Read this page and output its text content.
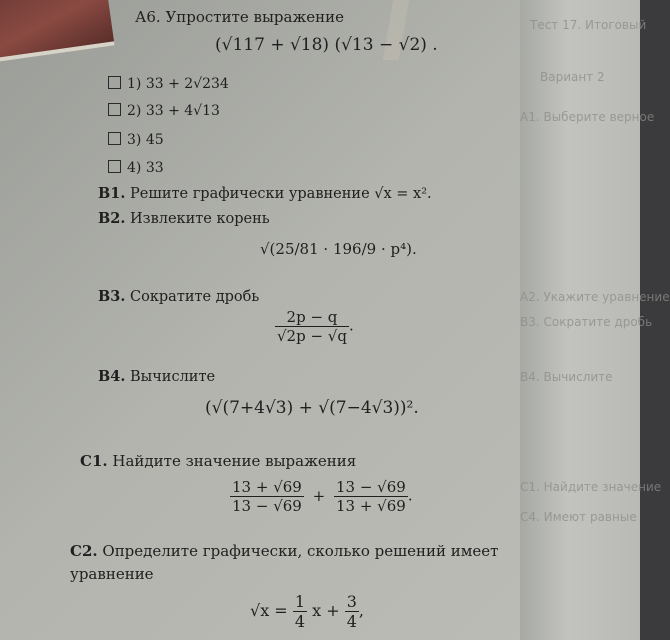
Тест 17. Итоговый
Вариант 2
А1. Выберите верное
А2. Укажите уравнение
В3. Сократите дробь
В4. Вычислите
С1. Найдите значение
С4. Имеют равные
А6. Упростите выражение
(√117 + √18) (√13 − √2) .
1) 33 + 2√234
2) 33 + 4√13
3) 45
4) 33
В1. Решите графически уравнение √x = x².
В2. Извлеките корень
√(25/81 · 196/9 · p⁴).
В3. Сократите дробь
$\frac{2p - q}{√2p - √q}$ .
В4. Вычислите
(√(7+4√3) + √(7−4√3))².
С1. Найдите значение выражения
$\frac{13 + √69}{13 - √69} + \frac{13 - √69}{13 + √69}$ .
С2. Определите графически, сколько решений имеет
уравнение
$√x = \frac{1}{4}$ $x + \frac{3}{4}$ ,
